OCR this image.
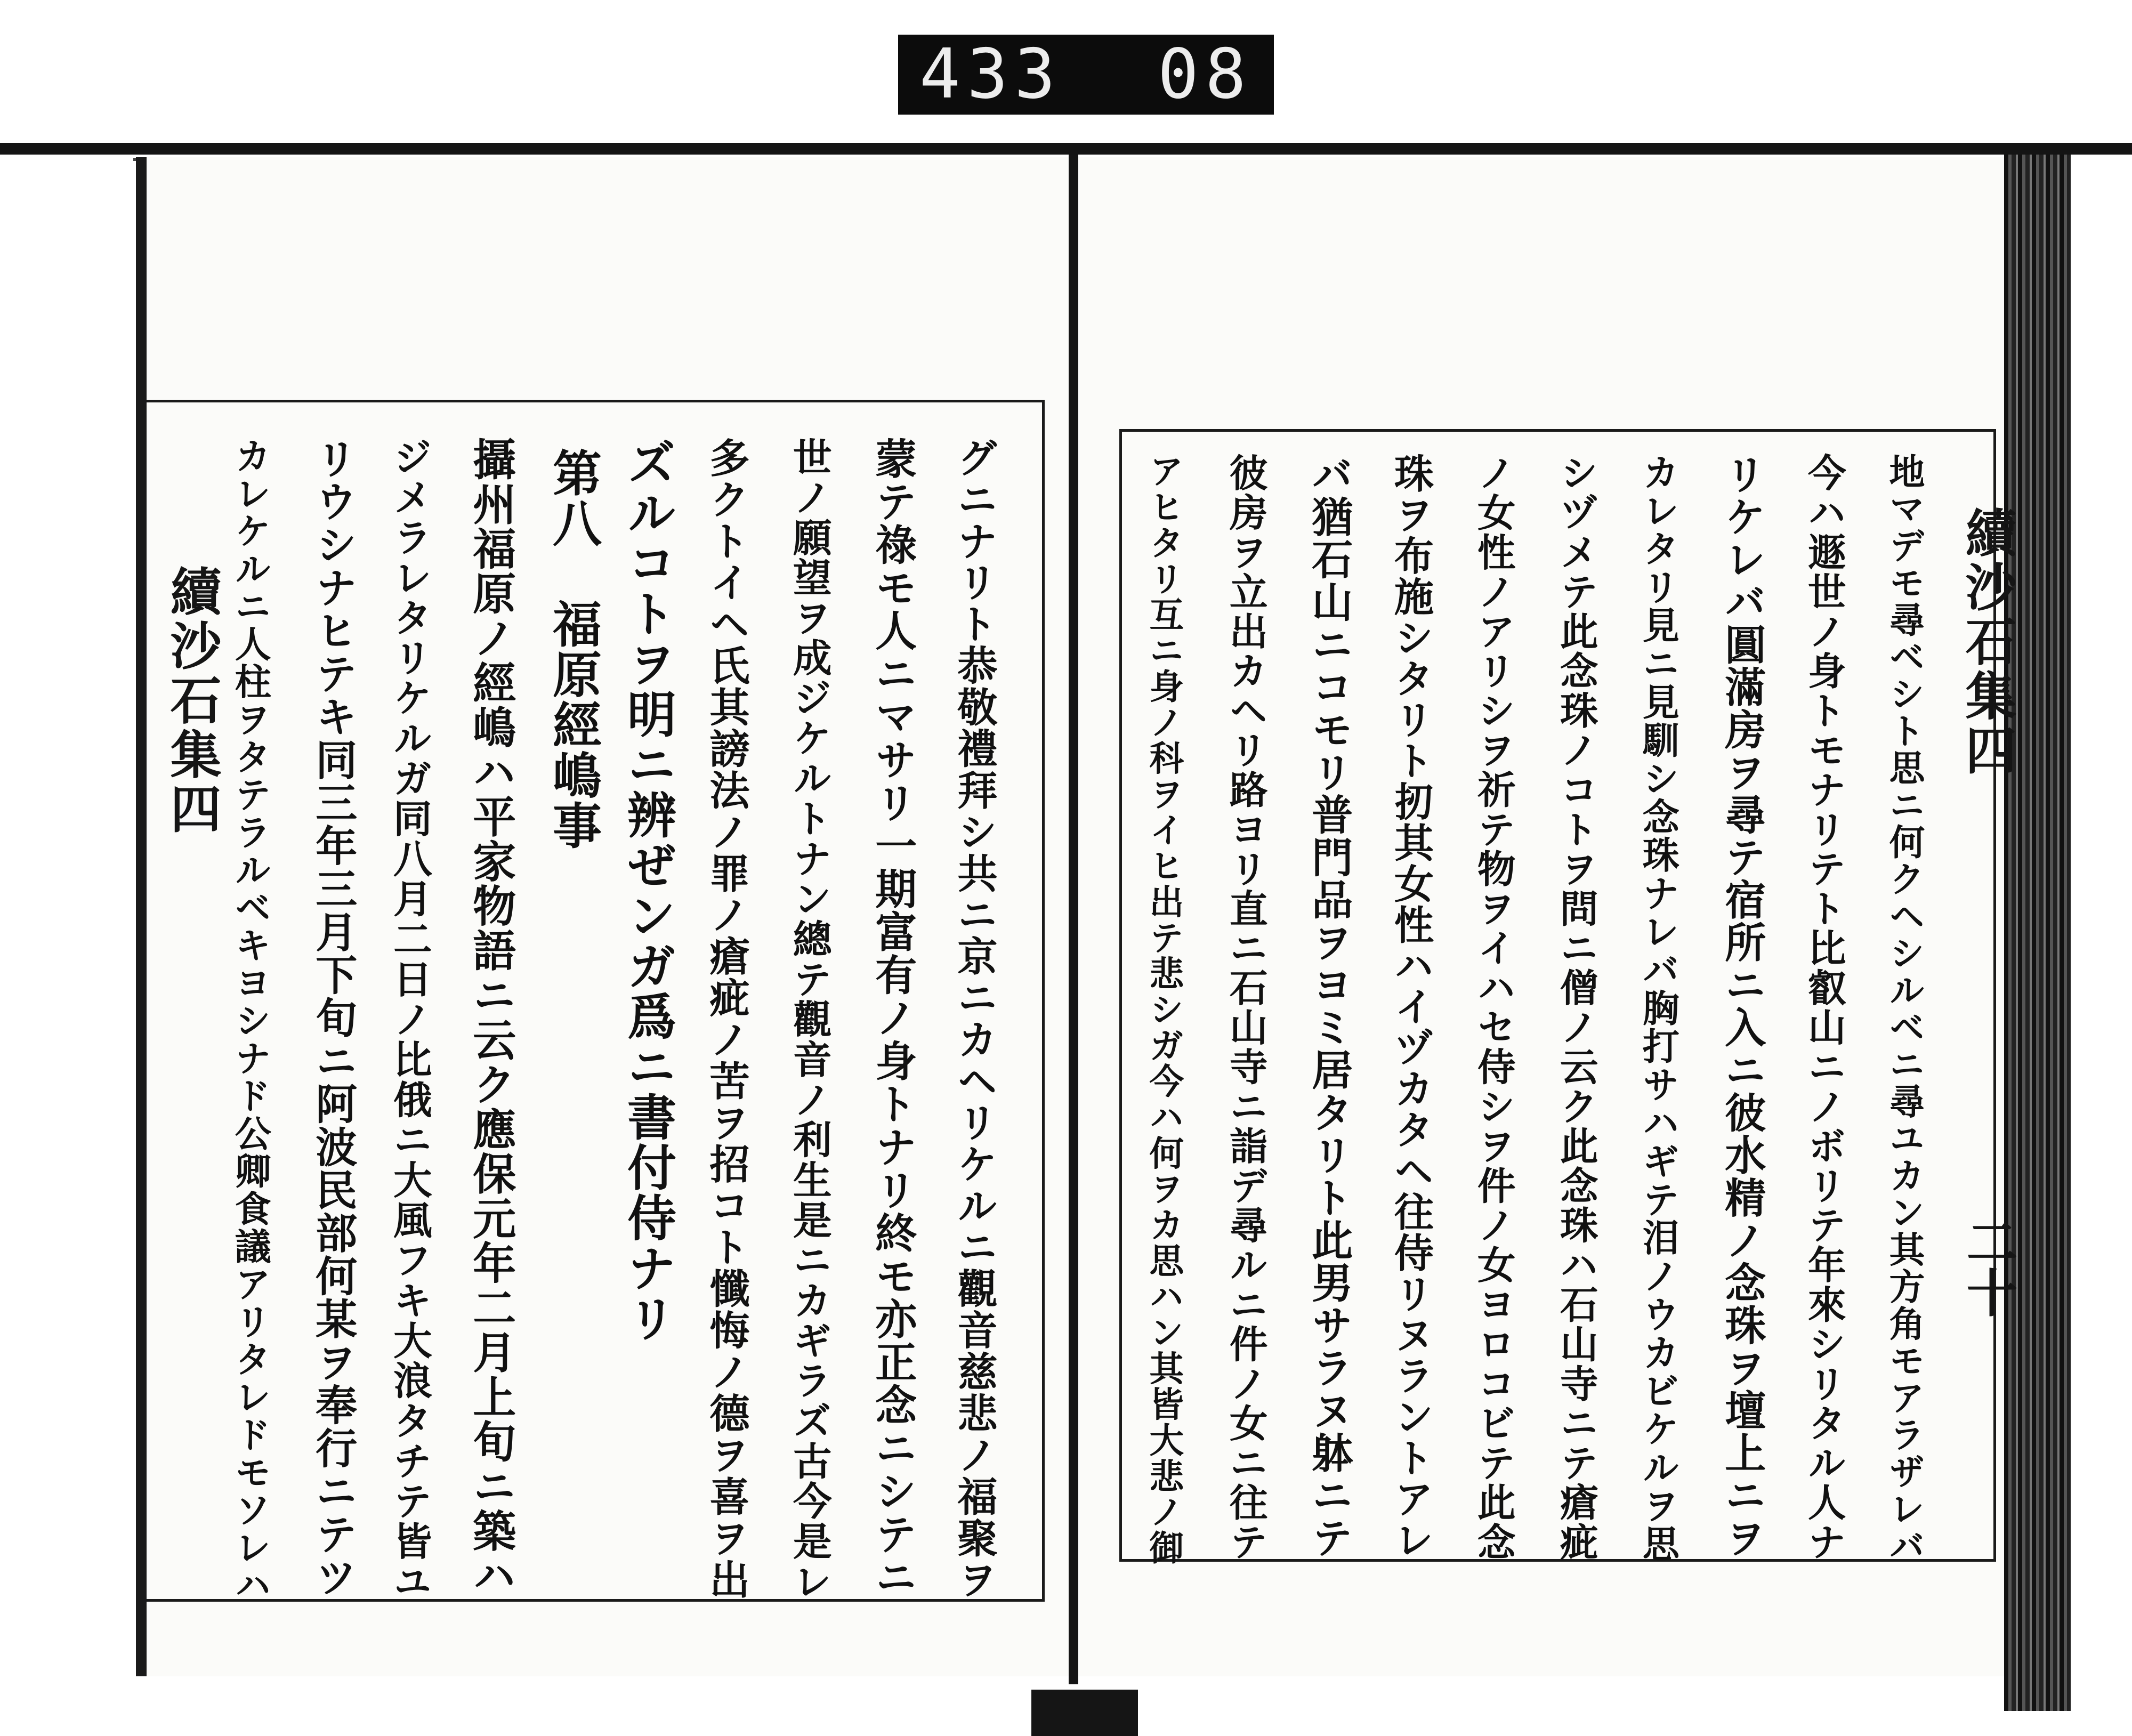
433 08
續沙石集四	續沙石集四
二十
グニナリト恭敬禮拜シ共ニ京ニカヘリケルニ觀音慈悲ノ福聚ヲ
蒙テ祿モ人ニマサリ一期富有ノ身トナリ終モ亦正念ニシテニ
世ノ願望ヲ成ジケルトナン總テ觀音ノ利生是ニカギラズ古今是レ
多クトイヘ氏其謗法ノ罪ノ瘡疵ノ苦ヲ招コト懺悔ノ德ヲ喜ヲ出
ズルコトヲ明ニ辨ぜンガ爲ニ書付侍ナリ
第八　福原經嶋事
攝州福原ノ經嶋ハ平家物語ニ云ク應保元年二月上旬ニ築ハ
ジメラレタリケルガ同八月二日ノ比俄ニ大風フキ大浪タチテ皆ユ
リウシナヒテキ同三年三月下旬ニ阿波民部何某ヲ奉行ニテツ
カレケルニ人柱ヲタテラルベキヨシナド公卿食議アリタレドモソレハ	地マデモ尋ベシト思ニ何クヘシルベニ尋ユカン其方角モアラザレバ
今ハ遯世ノ身トモナリテト比叡山ニノボリテ年來シリタル人ナ
リケレバ圓滿房ヲ尋テ宿所ニ入ニ彼水精ノ念珠ヲ壇上ニヲ
カレタリ見ニ見馴シ念珠ナレバ胸打サハギテ泪ノウカビケルヲ思
シヅメテ此念珠ノコトヲ問ニ僧ノ云ク此念珠ハ石山寺ニテ瘡疵
ノ女性ノアリシヲ祈テ物ヲイハセ侍シヲ件ノ女ヨロコビテ此念
珠ヲ布施シタリト扨其女性ハイヅカタヘ往侍リヌラントアレ
バ猶石山ニコモリ普門品ヲヨミ居タリト此男サラヌ躰ニテ
彼房ヲ立出カヘリ路ヨリ直ニ石山寺ニ詣デ尋ルニ件ノ女ニ往テ
アヒタリ互ニ身ノ科ヲイヒ出テ悲シガ今ハ何ヲカ思ハン其皆大悲ノ御
